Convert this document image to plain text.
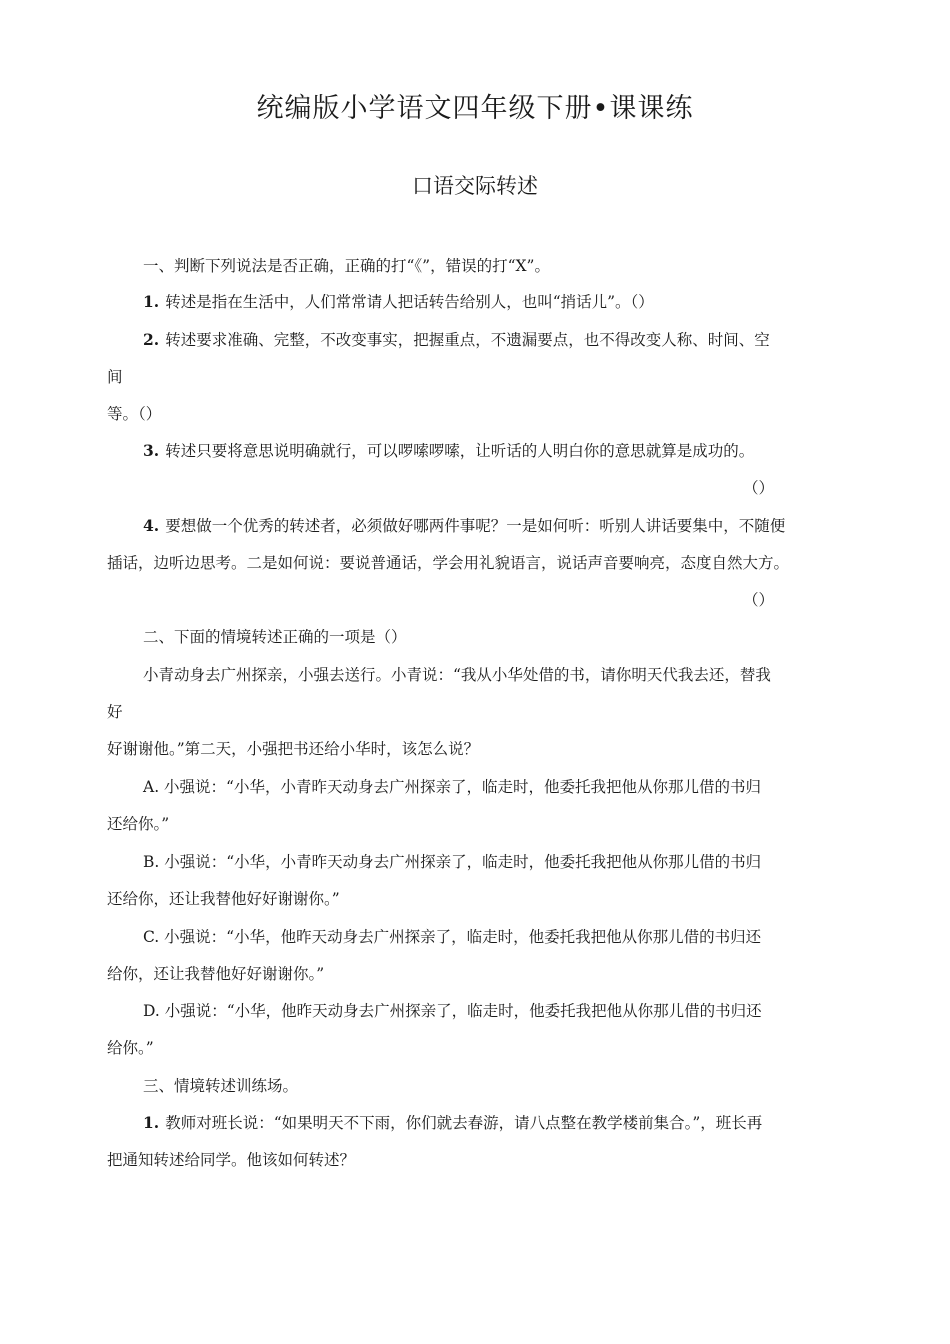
统编版小学语文四年级下册•课课练
口语交际转述
一、判断下列说法是否正确，正确的打“《”，错误的打“X”。
1. 转述是指在生活中，人们常常请人把话转告给别人，也叫“捎话儿”。（）
2. 转述要求准确、完整，不改变事实，把握重点，不遗漏要点，也不得改变人称、时间、空
间
等。（）
3. 转述只要将意思说明确就行，可以啰嗦啰嗦，让听话的人明白你的意思就算是成功的。
（）
4. 要想做一个优秀的转述者，必须做好哪两件事呢？一是如何听：听别人讲话要集中，不随便
插话，边听边思考。二是如何说：要说普通话，学会用礼貌语言，说话声音要响亮，态度自然大方。
（）
二、下面的情境转述正确的一项是（）
小青动身去广州探亲，小强去送行。小青说：“我从小华处借的书，请你明天代我去还，替我
好
好谢谢他。”第二天，小强把书还给小华时，该怎么说？
A. 小强说：“小华，小青昨天动身去广州探亲了，临走时，他委托我把他从你那儿借的书归
还给你。”
B. 小强说：“小华，小青昨天动身去广州探亲了，临走时，他委托我把他从你那儿借的书归
还给你，还让我替他好好谢谢你。”
C. 小强说：“小华，他昨天动身去广州探亲了，临走时，他委托我把他从你那儿借的书归还
给你，还让我替他好好谢谢你。”
D. 小强说：“小华，他昨天动身去广州探亲了，临走时，他委托我把他从你那儿借的书归还
给你。”
三、情境转述训练场。
1. 教师对班长说：“如果明天不下雨，你们就去春游，请八点整在教学楼前集合。”，班长再
把通知转述给同学。他该如何转述？
